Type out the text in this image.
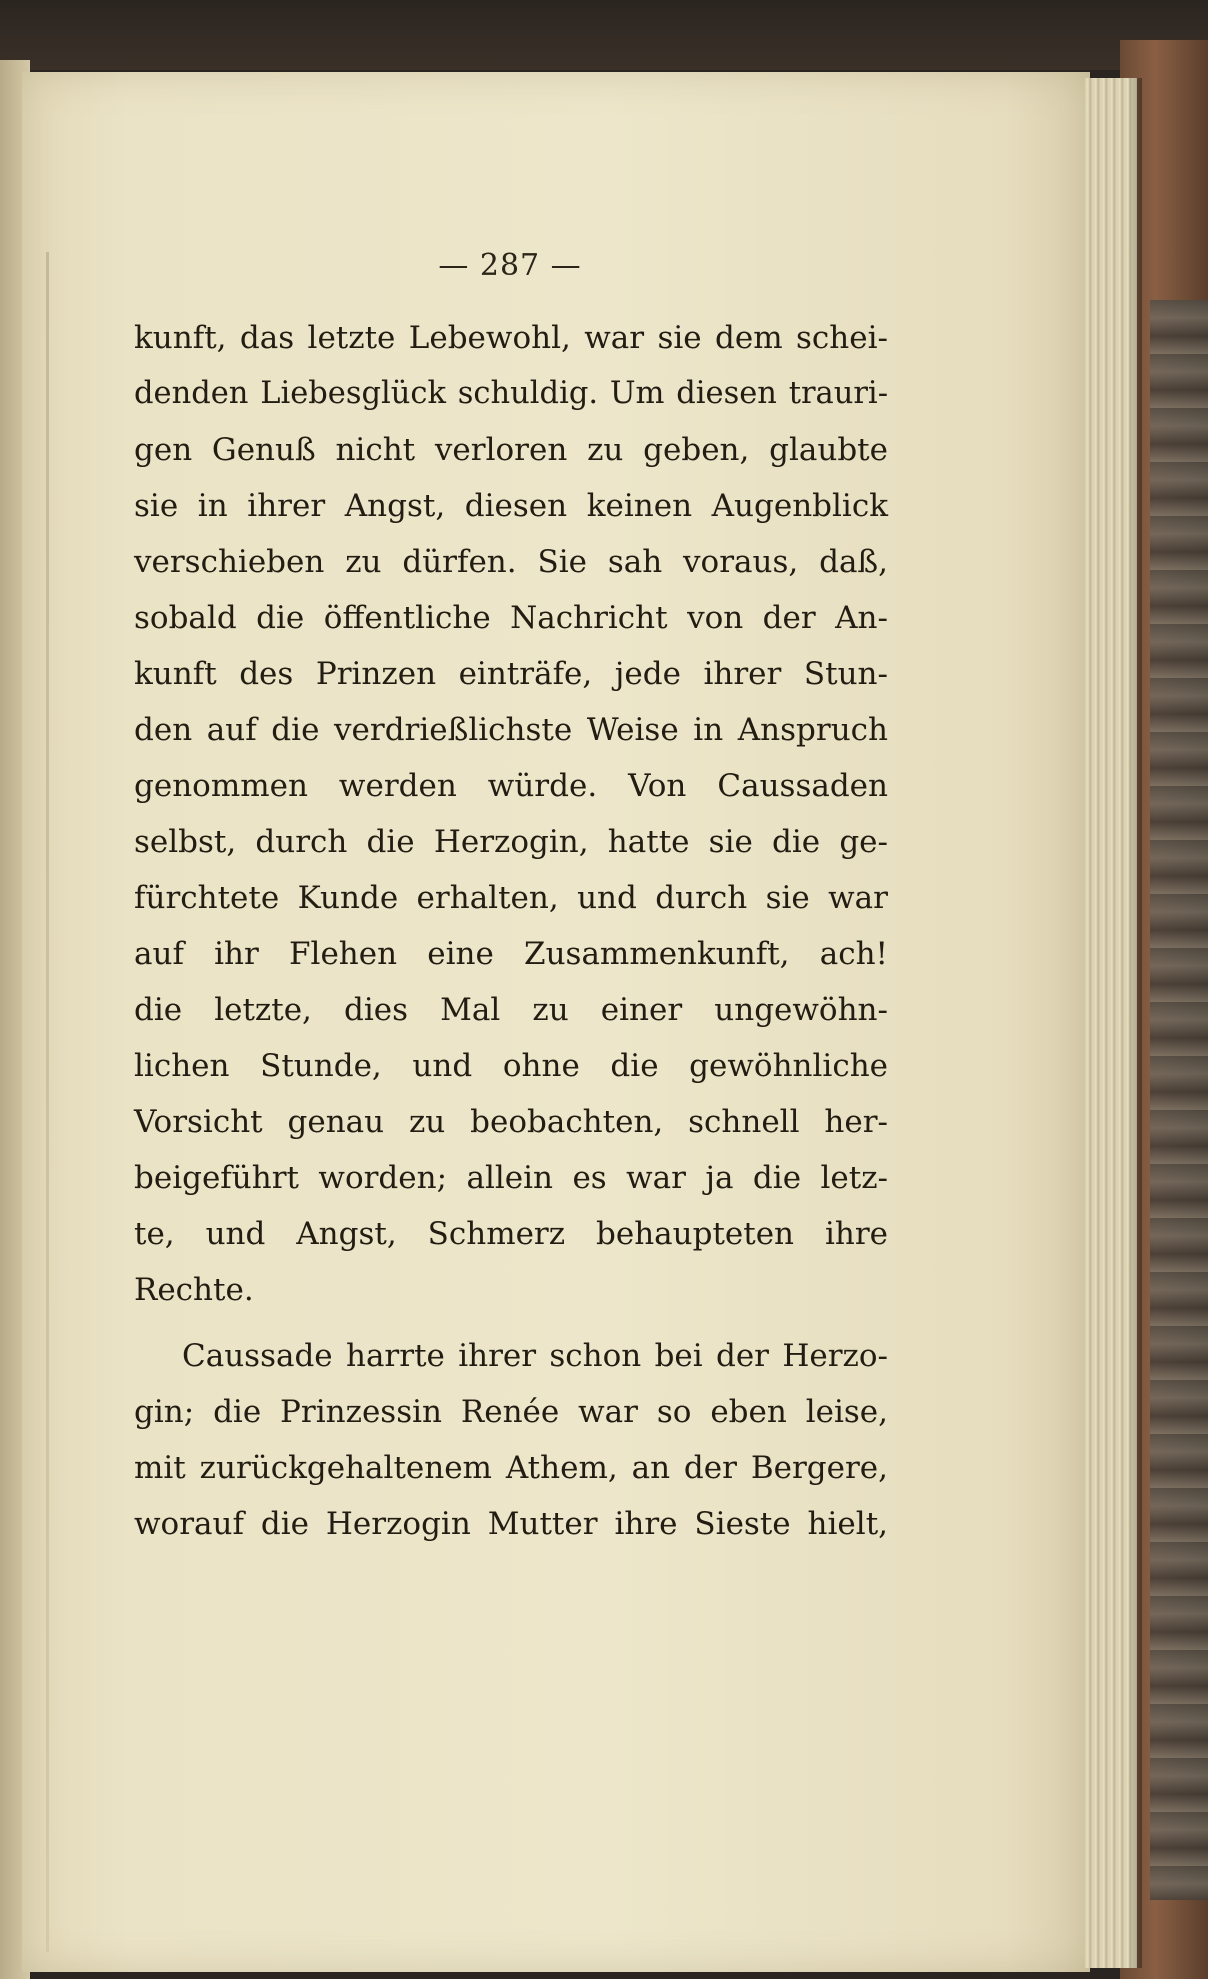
— 287 —
kunft, das letzte Lebewohl, war sie dem schei-
denden Liebesglück schuldig. Um diesen trauri-
gen Genuß nicht verloren zu geben, glaubte
sie in ihrer Angst, diesen keinen Augenblick
verschieben zu dürfen. Sie sah voraus, daß,
sobald die öffentliche Nachricht von der An-
kunft des Prinzen einträfe, jede ihrer Stun-
den auf die verdrießlichste Weise in Anspruch
genommen werden würde. Von Caussaden
selbst, durch die Herzogin, hatte sie die ge-
fürchtete Kunde erhalten, und durch sie war
auf ihr Flehen eine Zusammenkunft, ach!
die letzte, dies Mal zu einer ungewöhn-
lichen Stunde, und ohne die gewöhnliche
Vorsicht genau zu beobachten, schnell her-
beigeführt worden; allein es war ja die letz-
te, und Angst, Schmerz behaupteten ihre
Rechte.
Caussade harrte ihrer schon bei der Herzo-
gin; die Prinzessin Renée war so eben leise,
mit zurückgehaltenem Athem, an der Bergere,
worauf die Herzogin Mutter ihre Sieste hielt,
